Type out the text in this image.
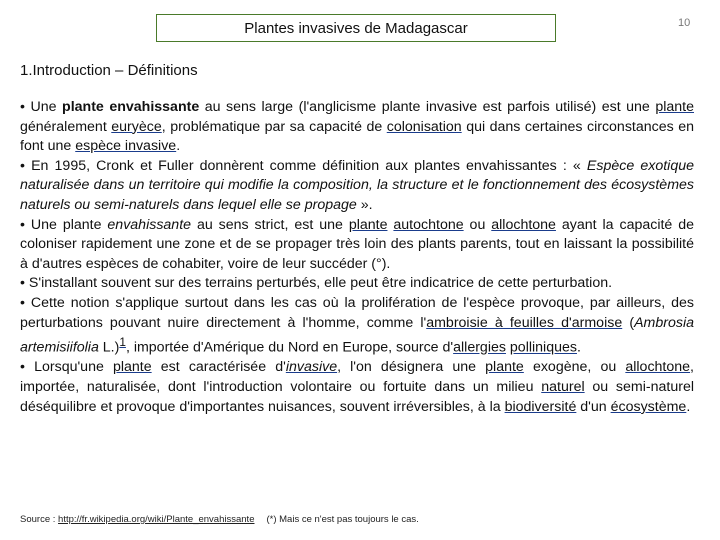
Plantes invasives de Madagascar	10
1.Introduction – Définitions

• Une plante envahissante au sens large (l'anglicisme plante invasive est parfois utilisé) est une plante généralement euryèce, problématique par sa capacité de colonisation qui dans certaines circonstances en font une espèce invasive.

• En 1995, Cronk et Fuller donnèrent comme définition aux plantes envahissantes : « Espèce exotique naturalisée dans un territoire qui modifie la composition, la structure et le fonctionnement des écosystèmes naturels ou semi-naturels dans lequel elle se propage ».

• Une plante envahissante au sens strict, est une plante autochtone ou allochtone ayant la capacité de coloniser rapidement une zone et de se propager très loin des plants parents, tout en laissant la possibilité à d'autres espèces de cohabiter, voire de leur succéder (°).

• S'installant souvent sur des terrains perturbés, elle peut être indicatrice de cette perturbation.

• Cette notion s'applique surtout dans les cas où la prolifération de l'espèce provoque, par ailleurs, des perturbations pouvant nuire directement à l'homme, comme l'ambroisie à feuilles d'armoise (Ambrosia artemisiifolia L.)$^1$, importée d'Amérique du Nord en Europe, source d'allergies polliniques.

• Lorsqu'une plante est caractérisée d'invasive, l'on désignera une plante exogène, ou allochtone, importée, naturalisée, dont l'introduction volontaire ou fortuite dans un milieu naturel ou semi-naturel déséquilibre et provoque d'importantes nuisances, souvent irréversibles, à la biodiversité d'un écosystème.

Source : http://fr.wikipedia.org/wiki/Plante_envahissante (*) Mais ce n'est pas toujours le cas.
